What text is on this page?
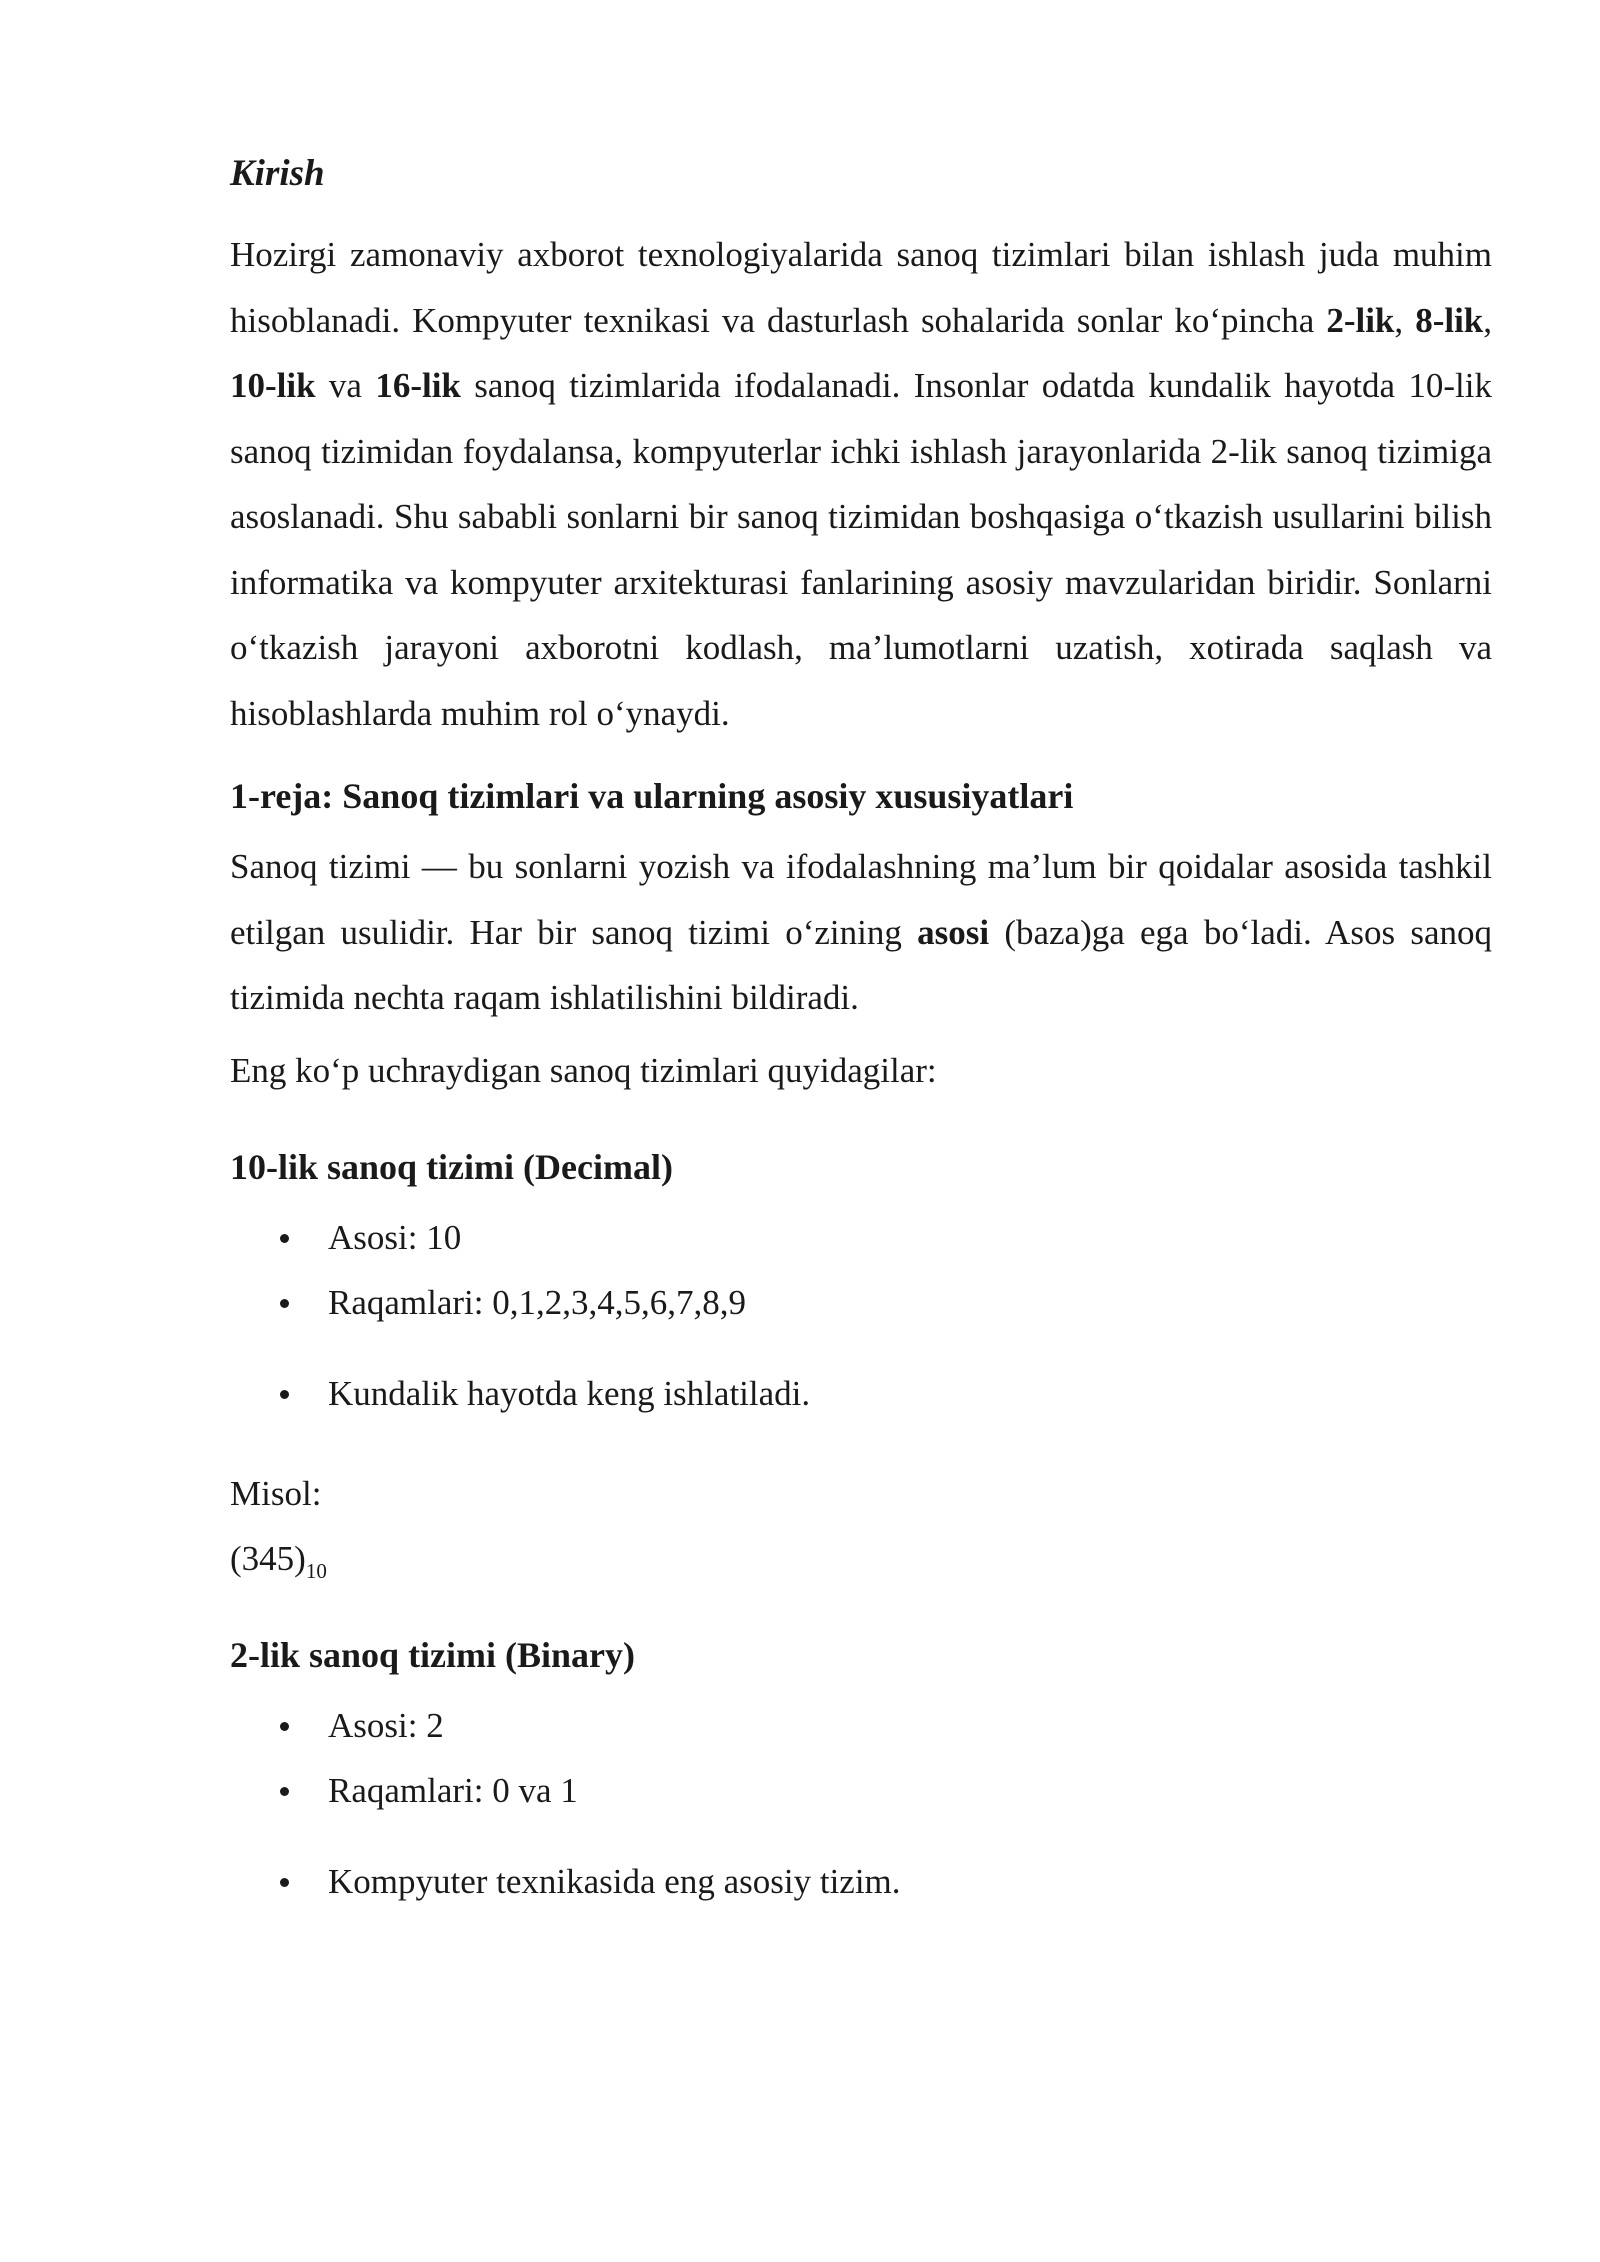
Kirish

Hozirgi zamonaviy axborot texnologiyalarida sanoq tizimlari bilan ishlash juda muhim hisoblanadi. Kompyuter texnikasi va dasturlash sohalarida sonlar ko‘pincha 2-lik, 8-lik, 10-lik va 16-lik sanoq tizimlarida ifodalanadi. Insonlar odatda kundalik hayotda 10-lik sanoq tizimidan foydalansa, kompyuterlar ichki ishlash jarayonlarida 2-lik sanoq tizimiga asoslanadi. Shu sababli sonlarni bir sanoq tizimidan boshqasiga o‘tkazish usullarini bilish informatika va kompyuter arxitekturasi fanlarining asosiy mavzularidan biridir. Sonlarni o‘tkazish jarayoni axborotni kodlash, ma’lumotlarni uzatish, xotirada saqlash va hisoblashlarda muhim rol o‘ynaydi.

1-reja: Sanoq tizimlari va ularning asosiy xususiyatlari

Sanoq tizimi — bu sonlarni yozish va ifodalashning ma’lum bir qoidalar asosida tashkil etilgan usulidir. Har bir sanoq tizimi o‘zining asosi (baza)ga ega bo‘ladi. Asos sanoq tizimida nechta raqam ishlatilishini bildiradi.

Eng ko‘p uchraydigan sanoq tizimlari quyidagilar:

10-lik sanoq tizimi (Decimal)
Asosi: 10
Raqamlari: 0,1,2,3,4,5,6,7,8,9
Kundalik hayotda keng ishlatiladi.

Misol:

$(345)_{10}$

2-lik sanoq tizimi (Binary)
Asosi: 2
Raqamlari: 0 va 1
Kompyuter texnikasida eng asosiy tizim.
